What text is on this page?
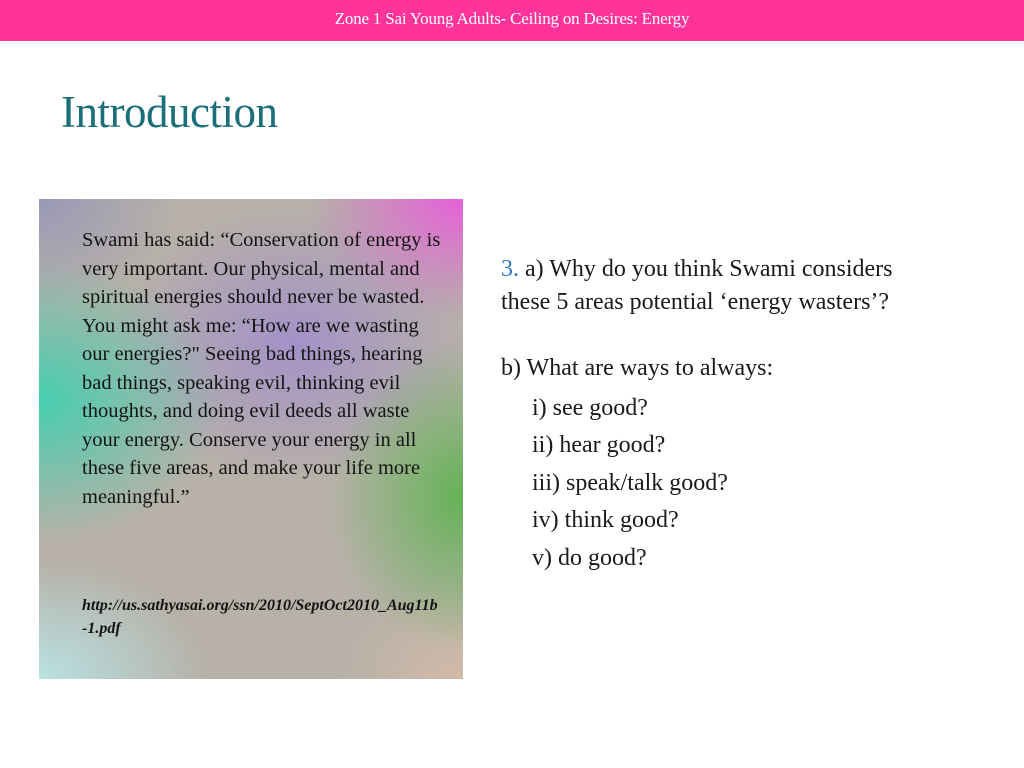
Zone 1 Sai Young Adults- Ceiling on Desires: Energy
Introduction

Swami has said: “Conservation of energy is very important. Our physical, mental and spiritual energies should never be wasted. You might ask me: “How are we wasting our energies?" Seeing bad things, hearing bad things, speaking evil, thinking evil thoughts, and doing evil deeds all waste your energy. Conserve your energy in all these five areas, and make your life more meaningful.”

http://us.sathyasai.org/ssn/2010/SeptOct2010_Aug11b-1.pdf

3. a) Why do you think Swami considers these 5 areas potential ‘energy wasters’?

b) What are ways to always:

i) see good?
ii) hear good?
iii) speak/talk good?
iv) think good?
v) do good?
